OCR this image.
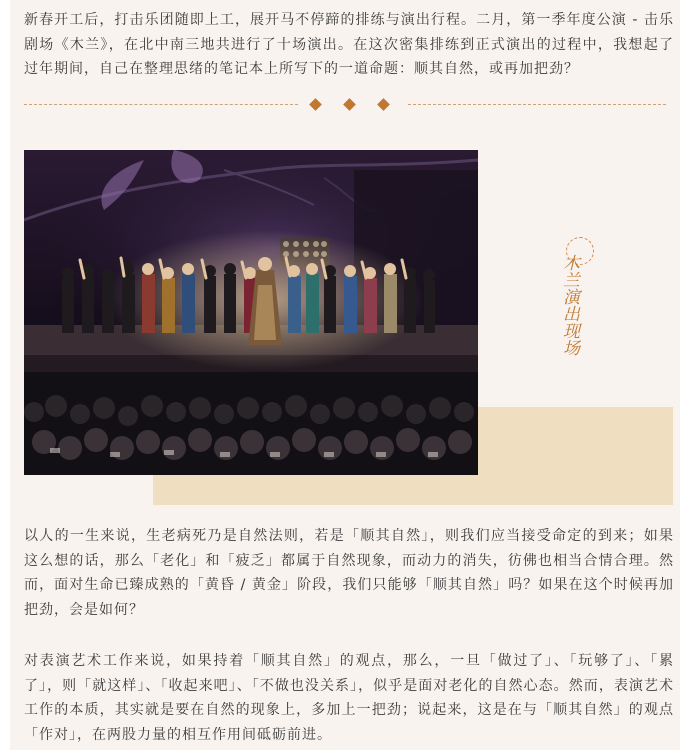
新春开工后，打击乐团随即上工，展开马不停蹄的排练与演出行程。二月，第一季年度公演 - 击乐剧场《木兰》，在北中南三地共进行了十场演出。在这次密集排练到正式演出的过程中，我想起了过年期间，自己在整理思绪的笔记本上所写下的一道命题：顺其自然，或再加把劲？

木兰演出现场

以人的一生来说，生老病死乃是自然法则，若是「顺其自然」，则我们应当接受命定的到来；如果这么想的话，那么「老化」和「疲乏」都属于自然现象，而动力的消失，彷佛也相当合情合理。然而，面对生命已臻成熟的「黄昏 / 黄金」阶段，我们只能够「顺其自然」吗？如果在这个时候再加把劲，会是如何？

对表演艺术工作来说，如果持着「顺其自然」的观点，那么，一旦「做过了」、「玩够了」、「累了」，则「就这样」、「收起来吧」、「不做也没关系」，似乎是面对老化的自然心态。然而，表演艺术工作的本质，其实就是要在自然的现象上，多加上一把劲；说起来，这是在与「顺其自然」的观点「作对」，在两股力量的相互作用间砥砺前进。
